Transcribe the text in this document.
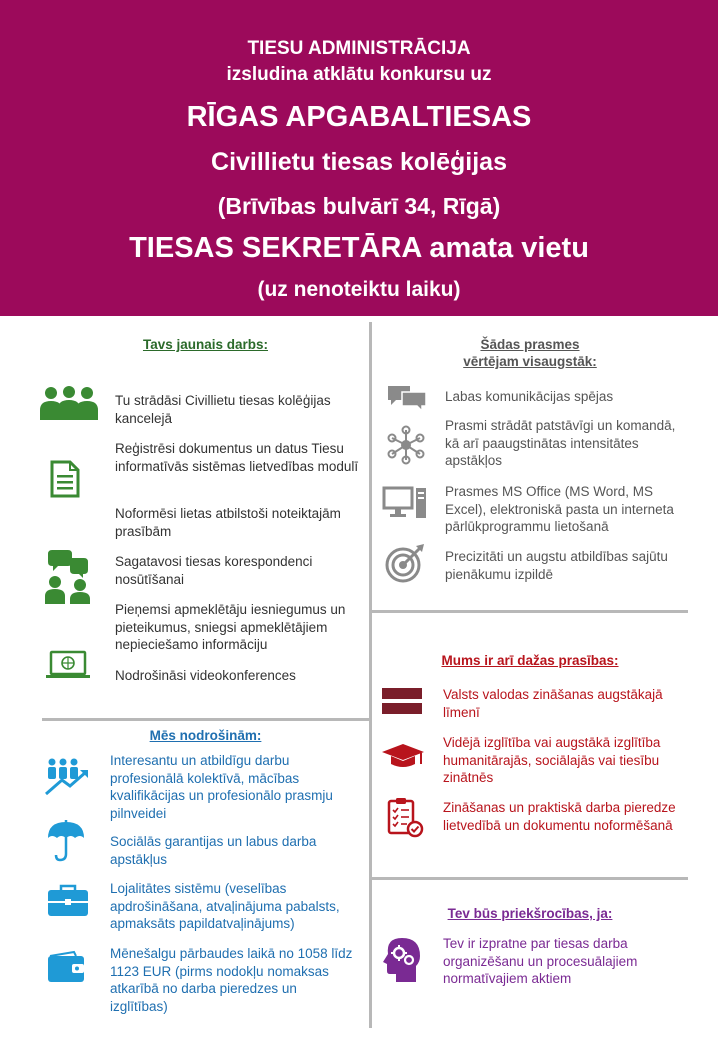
TIESU ADMINISTRĀCIJA
izsludina atklātu konkursu uz
RĪGAS APGABALTIESAS
Civillietu tiesas kolēģijas
(Brīvības bulvārī 34, Rīgā)
TIESAS SEKRETĀRA amata vietu
(uz nenoteiktu laiku)
Tavs jaunais darbs:
Tu strādāsi Civillietu tiesas kolēģijas kancelejā
Reģistrēsi dokumentus un datus Tiesu informatīvās sistēmas lietvedības modulī
Noformēsi lietas atbilstoši noteiktajām prasībām
Sagatavosi tiesas korespondenci nosūtīšanai
Pieņemsi apmeklētāju iesniegumus un pieteikumus, sniegsi apmeklētājiem nepieciešamo informāciju
Nodrošināsi videokonferences
Mēs nodrošinām:
Interesantu un atbildīgu darbu profesionālā kolektīvā, mācības kvalifikācijas un profesionālo prasmju pilnveidei
Sociālās garantijas un labus darba apstākļus
Lojalitātes sistēmu (veselības apdrošināšana, atvaļinājuma pabalsts, apmaksāts papildatvaļinājums)
Mēnešalgu pārbaudes laikā no 1058 līdz 1123 EUR (pirms nodokļu nomaksas atkarībā no darba pieredzes un izglītības)
Šādas prasmes
vērtējam visaugstāk:
Labas komunikācijas spējas
Prasmi strādāt patstāvīgi un komandā, kā arī paaugstinātas intensitātes apstākļos
Prasmes MS Office (MS Word, MS Excel), elektroniskā pasta un interneta pārlūkprogrammu lietošanā
Precizitāti un augstu atbildības sajūtu pienākumu izpildē
Mums ir arī dažas prasības:
Valsts valodas zināšanas augstākajā līmenī
Vidējā izglītība vai augstākā izglītība humanitārajās, sociālajās vai tiesību zinātnēs
Zināšanas un praktiskā darba pieredze lietvedībā un dokumentu noformēšanā
Tev būs priekšrocības, ja:
Tev ir izpratne par tiesas darba organizēšanu un procesuālajiem normatīvajiem aktiem
